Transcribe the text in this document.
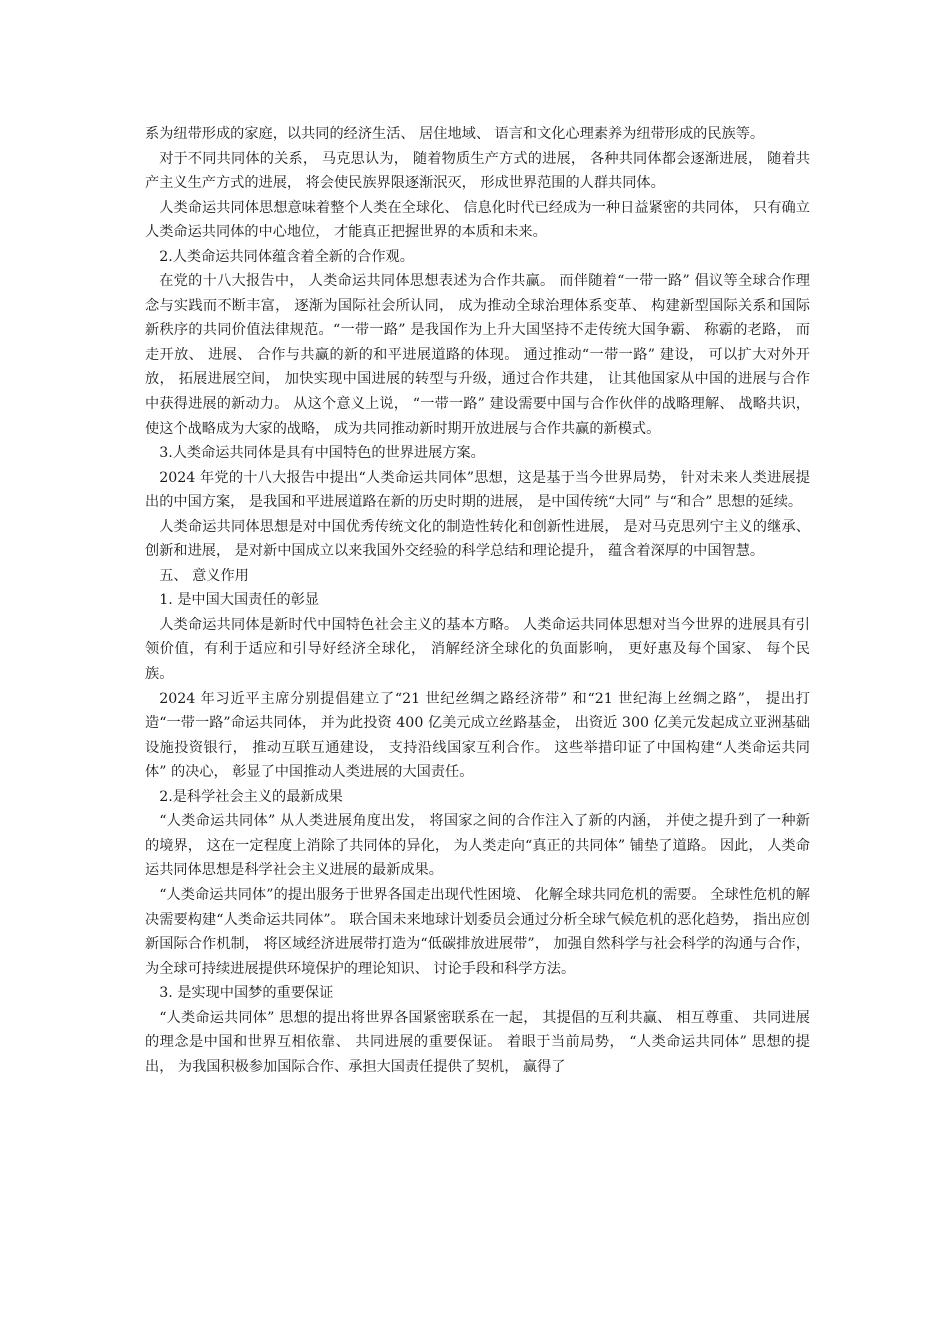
系为纽带形成的家庭，以共同的经济生活、 居住地域、 语言和文化心理素养为纽带形成的民族等。

对于不同共同体的关系， 马克思认为， 随着物质生产方式的进展， 各种共同体都会逐渐进展， 随着共产主义生产方式的进展， 将会使民族界限逐渐泯灭， 形成世界范围的人群共同体。

人类命运共同体思想意味着整个人类在全球化、 信息化时代已经成为一种日益紧密的共同体， 只有确立人类命运共同体的中心地位， 才能真正把握世界的本质和未来。

2.人类命运共同体蕴含着全新的合作观。

在党的十八大报告中， 人类命运共同体思想表述为合作共赢。 而伴随着“一带一路” 倡议等全球合作理念与实践而不断丰富， 逐渐为国际社会所认同， 成为推动全球治理体系变革、 构建新型国际关系和国际新秩序的共同价值法律规范。“一带一路” 是我国作为上升大国坚持不走传统大国争霸、 称霸的老路， 而走开放、 进展、 合作与共赢的新的和平进展道路的体现。 通过推动“一带一路” 建设， 可以扩大对外开放， 拓展进展空间， 加快实现中国进展的转型与升级，通过合作共建， 让其他国家从中国的进展与合作中获得进展的新动力。 从这个意义上说， “一带一路” 建设需要中国与合作伙伴的战略理解、 战略共识， 使这个战略成为大家的战略， 成为共同推动新时期开放进展与合作共赢的新模式。

3.人类命运共同体是具有中国特色的世界进展方案。

2024 年党的十八大报告中提出“人类命运共同体”思想，这是基于当今世界局势， 针对未来人类进展提出的中国方案， 是我国和平进展道路在新的历史时期的进展， 是中国传统“大同” 与“和合” 思想的延续。

人类命运共同体思想是对中国优秀传统文化的制造性转化和创新性进展， 是对马克思列宁主义的继承、 创新和进展， 是对新中国成立以来我国外交经验的科学总结和理论提升， 蕴含着深厚的中国智慧。

五、 意义作用

1. 是中国大国责任的彰显

人类命运共同体是新时代中国特色社会主义的基本方略。 人类命运共同体思想对当今世界的进展具有引领价值，有利于适应和引导好经济全球化， 消解经济全球化的负面影响， 更好惠及每个国家、 每个民族。

2024 年习近平主席分别提倡建立了“21 世纪丝绸之路经济带” 和“21 世纪海上丝绸之路”， 提出打造“一带一路”命运共同体， 并为此投资 400 亿美元成立丝路基金， 出资近 300 亿美元发起成立亚洲基础设施投资银行， 推动互联互通建设， 支持沿线国家互利合作。 这些举措印证了中国构建“人类命运共同体” 的决心， 彰显了中国推动人类进展的大国责任。

2.是科学社会主义的最新成果

“人类命运共同体” 从人类进展角度出发， 将国家之间的合作注入了新的内涵， 并使之提升到了一种新的境界， 这在一定程度上消除了共同体的异化， 为人类走向“真正的共同体” 铺垫了道路。 因此， 人类命运共同体思想是科学社会主义进展的最新成果。

“人类命运共同体”的提出服务于世界各国走出现代性困境、 化解全球共同危机的需要。 全球性危机的解决需要构建“人类命运共同体”。 联合国未来地球计划委员会通过分析全球气候危机的恶化趋势， 指出应创新国际合作机制， 将区域经济进展带打造为“低碳排放进展带”， 加强自然科学与社会科学的沟通与合作， 为全球可持续进展提供环境保护的理论知识、 讨论手段和科学方法。

3. 是实现中国梦的重要保证

“人类命运共同体” 思想的提出将世界各国紧密联系在一起， 其提倡的互利共赢、 相互尊重、 共同进展的理念是中国和世界互相依靠、 共同进展的重要保证。 着眼于当前局势， “人类命运共同体” 思想的提出， 为我国积极参加国际合作、承担大国责任提供了契机， 赢得了
